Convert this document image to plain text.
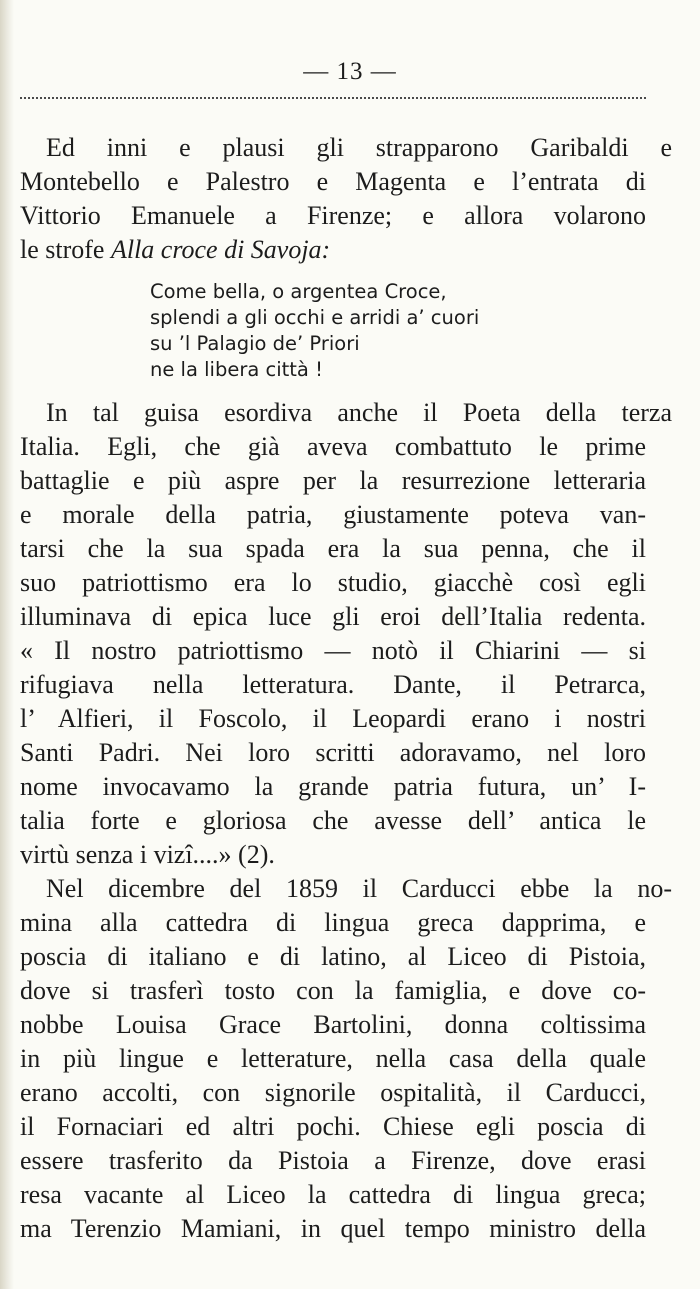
— 13 —
Ed inni e plausi gli strapparono Garibaldi e
Montebello e Palestro e Magenta e l’entrata di
Vittorio Emanuele a Firenze; e allora volarono
le strofe Alla croce di Savoja:
Come bella, o argentea Croce,
splendi a gli occhi e arridi a’ cuori
su ’l Palagio de’ Priori
ne la libera città !
In tal guisa esordiva anche il Poeta della terza
Italia. Egli, che già aveva combattuto le prime
battaglie e più aspre per la resurrezione letteraria
e morale della patria, giustamente poteva van-
tarsi che la sua spada era la sua penna, che il
suo patriottismo era lo studio, giacchè così egli
illuminava di epica luce gli eroi dell’Italia redenta.
« Il nostro patriottismo — notò il Chiarini — si
rifugiava nella letteratura. Dante, il Petrarca,
l’ Alfieri, il Foscolo, il Leopardi erano i nostri
Santi Padri. Nei loro scritti adoravamo, nel loro
nome invocavamo la grande patria futura, un’ I-
talia forte e gloriosa che avesse dell’ antica le
virtù senza i vizî....» (2).
Nel dicembre del 1859 il Carducci ebbe la no-
mina alla cattedra di lingua greca dapprima, e
poscia di italiano e di latino, al Liceo di Pistoia,
dove si trasferì tosto con la famiglia, e dove co-
nobbe Louisa Grace Bartolini, donna coltissima
in più lingue e letterature, nella casa della quale
erano accolti, con signorile ospitalità, il Carducci,
il Fornaciari ed altri pochi. Chiese egli poscia di
essere trasferito da Pistoia a Firenze, dove erasi
resa vacante al Liceo la cattedra di lingua greca;
ma Terenzio Mamiani, in quel tempo ministro della
